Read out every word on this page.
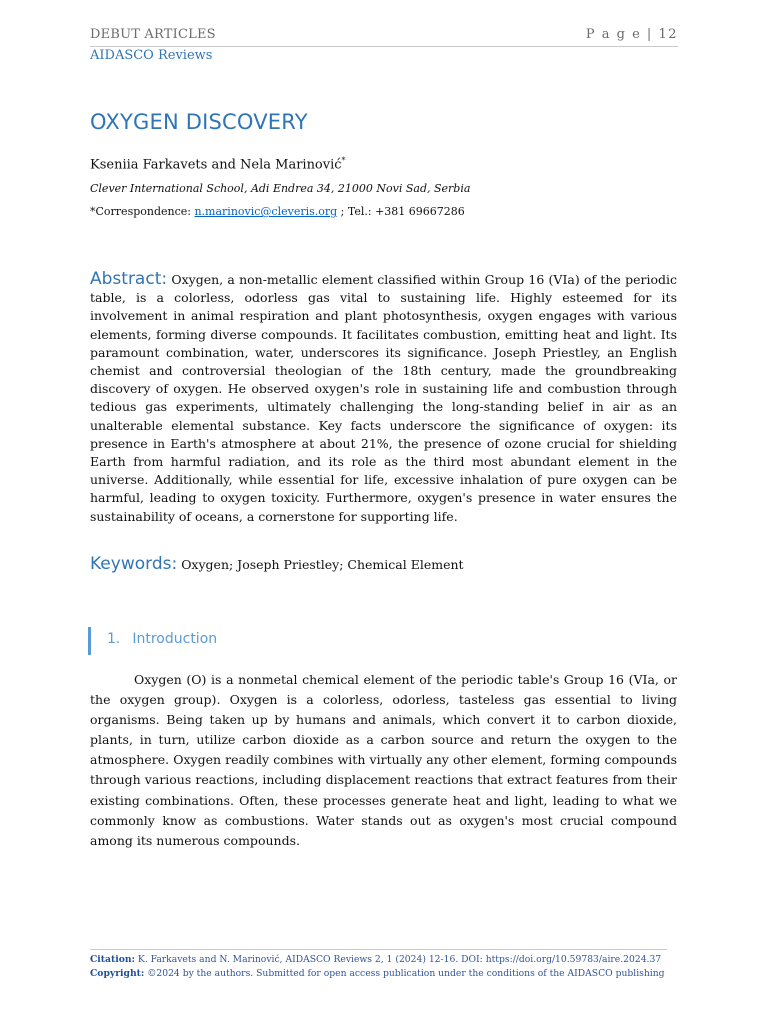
DEBUT ARTICLES	P a g e | 12
AIDASCO Reviews
OXYGEN DISCOVERY
Kseniia Farkavets and Nela Marinović*
Clever International School, Adi Endrea 34, 21000 Novi Sad, Serbia
*Correspondence: n.marinovic@cleveris.org ; Tel.: +381 69667286

Abstract: Oxygen, a non-metallic element classified within Group 16 (VIa) of the periodic table, is a colorless, odorless gas vital to sustaining life. Highly esteemed for its involvement in animal respiration and plant photosynthesis, oxygen engages with various elements, forming diverse compounds. It facilitates combustion, emitting heat and light. Its paramount combination, water, underscores its significance. Joseph Priestley, an English chemist and controversial theologian of the 18th century, made the groundbreaking discovery of oxygen. He observed oxygen's role in sustaining life and combustion through tedious gas experiments, ultimately challenging the long-standing belief in air as an unalterable elemental substance. Key facts underscore the significance of oxygen: its presence in Earth's atmosphere at about 21%, the presence of ozone crucial for shielding Earth from harmful radiation, and its role as the third most abundant element in the universe. Additionally, while essential for life, excessive inhalation of pure oxygen can be harmful, leading to oxygen toxicity. Furthermore, oxygen's presence in water ensures the sustainability of oceans, a cornerstone for supporting life.

Keywords: Oxygen; Joseph Priestley; Chemical Element
1. Introduction

Oxygen (O) is a nonmetal chemical element of the periodic table's Group 16 (VIa, or the oxygen group). Oxygen is a colorless, odorless, tasteless gas essential to living organisms. Being taken up by humans and animals, which convert it to carbon dioxide, plants, in turn, utilize carbon dioxide as a carbon source and return the oxygen to the atmosphere. Oxygen readily combines with virtually any other element, forming compounds through various reactions, including displacement reactions that extract features from their existing combinations. Often, these processes generate heat and light, leading to what we commonly know as combustions. Water stands out as oxygen's most crucial compound among its numerous compounds.

Citation: K. Farkavets and N. Marinović, AIDASCO Reviews 2, 1 (2024) 12-16. DOI: https://doi.org/10.59783/aire.2024.37
Copyright: ©2024 by the authors. Submitted for open access publication under the conditions of the AIDASCO publishing
